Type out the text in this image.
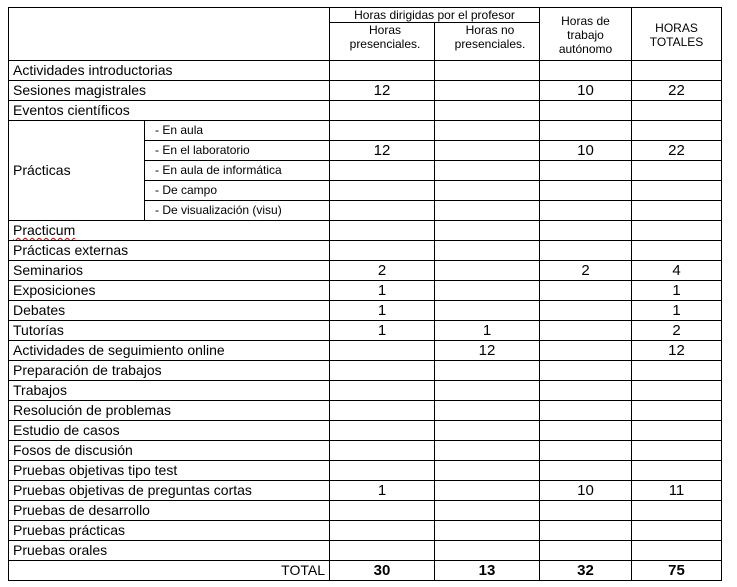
		Horas dirigidas por el profesor		Horas de trabajo autónomo	HORAS TOTALES
		Horas presenciales.	Horas no presenciales.		
Actividades introductorias					
Sesiones magistrales		12		10	22
Eventos científicos					
Prácticas	- En aula				
	- En el laboratorio	12		10	22
	- En aula de informática				
	- De campo				
	- De visualización (visu)				
Practicum					
Prácticas externas					
Seminarios		2		2	4
Exposiciones		1			1
Debates		1			1
Tutorías		1	1		2
Actividades de seguimiento online			12		12
Preparación de trabajos					
Trabajos					
Resolución de problemas					
Estudio de casos					
Fosos de discusión					
Pruebas objetivas tipo test					
Pruebas objetivas de preguntas cortas		1		10	11
Pruebas de desarrollo					
Pruebas prácticas					
Pruebas orales					
TOTAL		30	13	32	75
